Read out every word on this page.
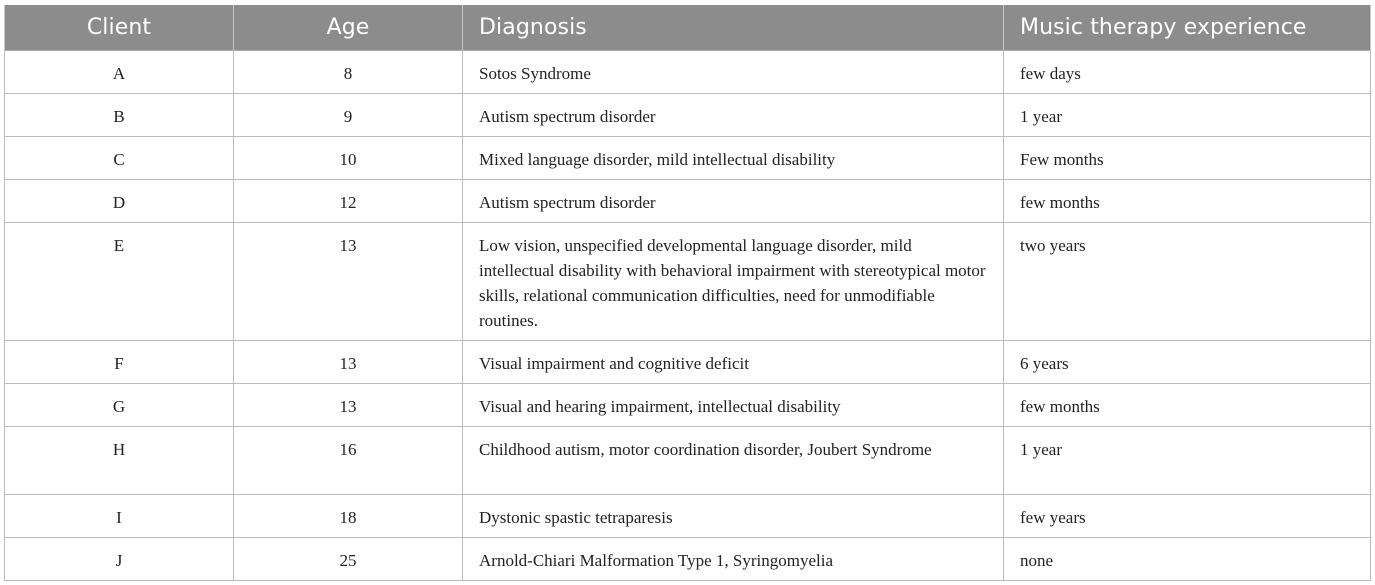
Client	Age	Diagnosis	Music therapy experience
A	8	Sotos Syndrome	few days
B	9	Autism spectrum disorder	1 year
C	10	Mixed language disorder, mild intellectual disability	Few months
D	12	Autism spectrum disorder	few months
E	13	Low vision, unspecified developmental language disorder, mild intellectual disability with behavioral impairment with stereotypical motor skills, relational communication difficulties, need for unmodifiable routines.	two years
F	13	Visual impairment and cognitive deficit	6 years
G	13	Visual and hearing impairment, intellectual disability	few months
H	16	Childhood autism, motor coordination disorder, Joubert Syndrome	1 year
I	18	Dystonic spastic tetraparesis	few years
J	25	Arnold-Chiari Malformation Type 1, Syringomyelia	none
